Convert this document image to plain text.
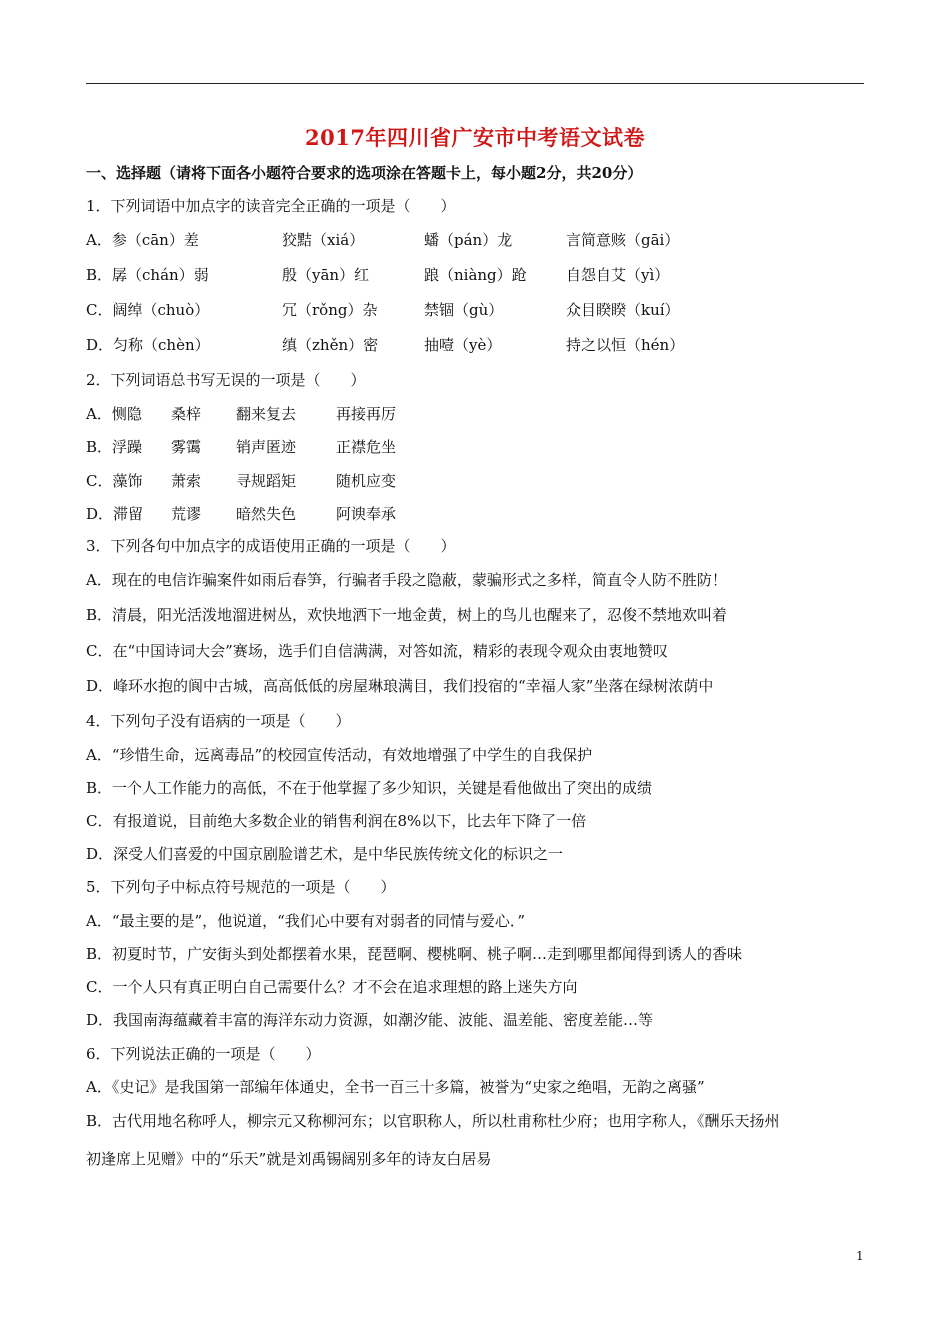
2017年四川省广安市中考语文试卷
一、选择题（请将下面各小题符合要求的选项涂在答题卡上，每小题2分，共20分）
1．下列词语中加点字的读音完全正确的一项是（　　）
A．参（cān）差	狡黠（xiá）	蟠（pán）龙	言简意赅（gāi）
B．孱（chán）弱	殷（yān）红	踉（niàng）跄	自怨自艾（yì）
C．阔绰（chuò）	冗（rǒng）杂	禁锢（gù）	众目睽睽（kuí）
D．匀称（chèn）	缜（zhěn）密	抽噎（yè）	持之以恒（hén）
2．下列词语总书写无误的一项是（　　）
A．恻隐 桑梓 翻来复去	再接再厉
B．浮躁 雾霭 销声匿迹	正襟危坐
C．藻饰 萧索 寻规蹈矩	随机应变
D．滞留 荒谬 暗然失色	阿谀奉承
3．下列各句中加点字的成语使用正确的一项是（　　）
A．现在的电信诈骗案件如雨后春笋，行骗者手段之隐蔽，蒙骗形式之多样，简直令人防不胜防！
B．清晨，阳光活泼地溜进树丛，欢快地洒下一地金黄，树上的鸟儿也醒来了，忍俊不禁地欢叫着
C．在“中国诗词大会”赛场，选手们自信满满，对答如流，精彩的表现令观众由衷地赞叹
D．峰环水抱的阆中古城，高高低低的房屋琳琅满目，我们投宿的“幸福人家”坐落在绿树浓荫中
4．下列句子没有语病的一项是（　　）
A．“珍惜生命，远离毒品”的校园宣传活动，有效地增强了中学生的自我保护
B．一个人工作能力的高低，不在于他掌握了多少知识，关键是看他做出了突出的成绩
C．有报道说，目前绝大多数企业的销售利润在8%以下，比去年下降了一倍
D．深受人们喜爱的中国京剧脸谱艺术，是中华民族传统文化的标识之一
5．下列句子中标点符号规范的一项是（　　）
A．“最主要的是”，他说道，“我们心中要有对弱者的同情与爱心．”
B．初夏时节，广安街头到处都摆着水果，琵琶啊、樱桃啊、桃子啊…走到哪里都闻得到诱人的香味
C．一个人只有真正明白自己需要什么？才不会在追求理想的路上迷失方向
D．我国南海蕴藏着丰富的海洋东动力资源，如潮汐能、波能、温差能、密度差能…等
6．下列说法正确的一项是（　　）
A．《史记》是我国第一部编年体通史，全书一百三十多篇，被誉为“史家之绝唱，无韵之离骚”
B．古代用地名称呼人，柳宗元又称柳河东；以官职称人，所以杜甫称杜少府；也用字称人，《酬乐天扬州
初逢席上见赠》中的“乐天”就是刘禹锡阔别多年的诗友白居易
1
